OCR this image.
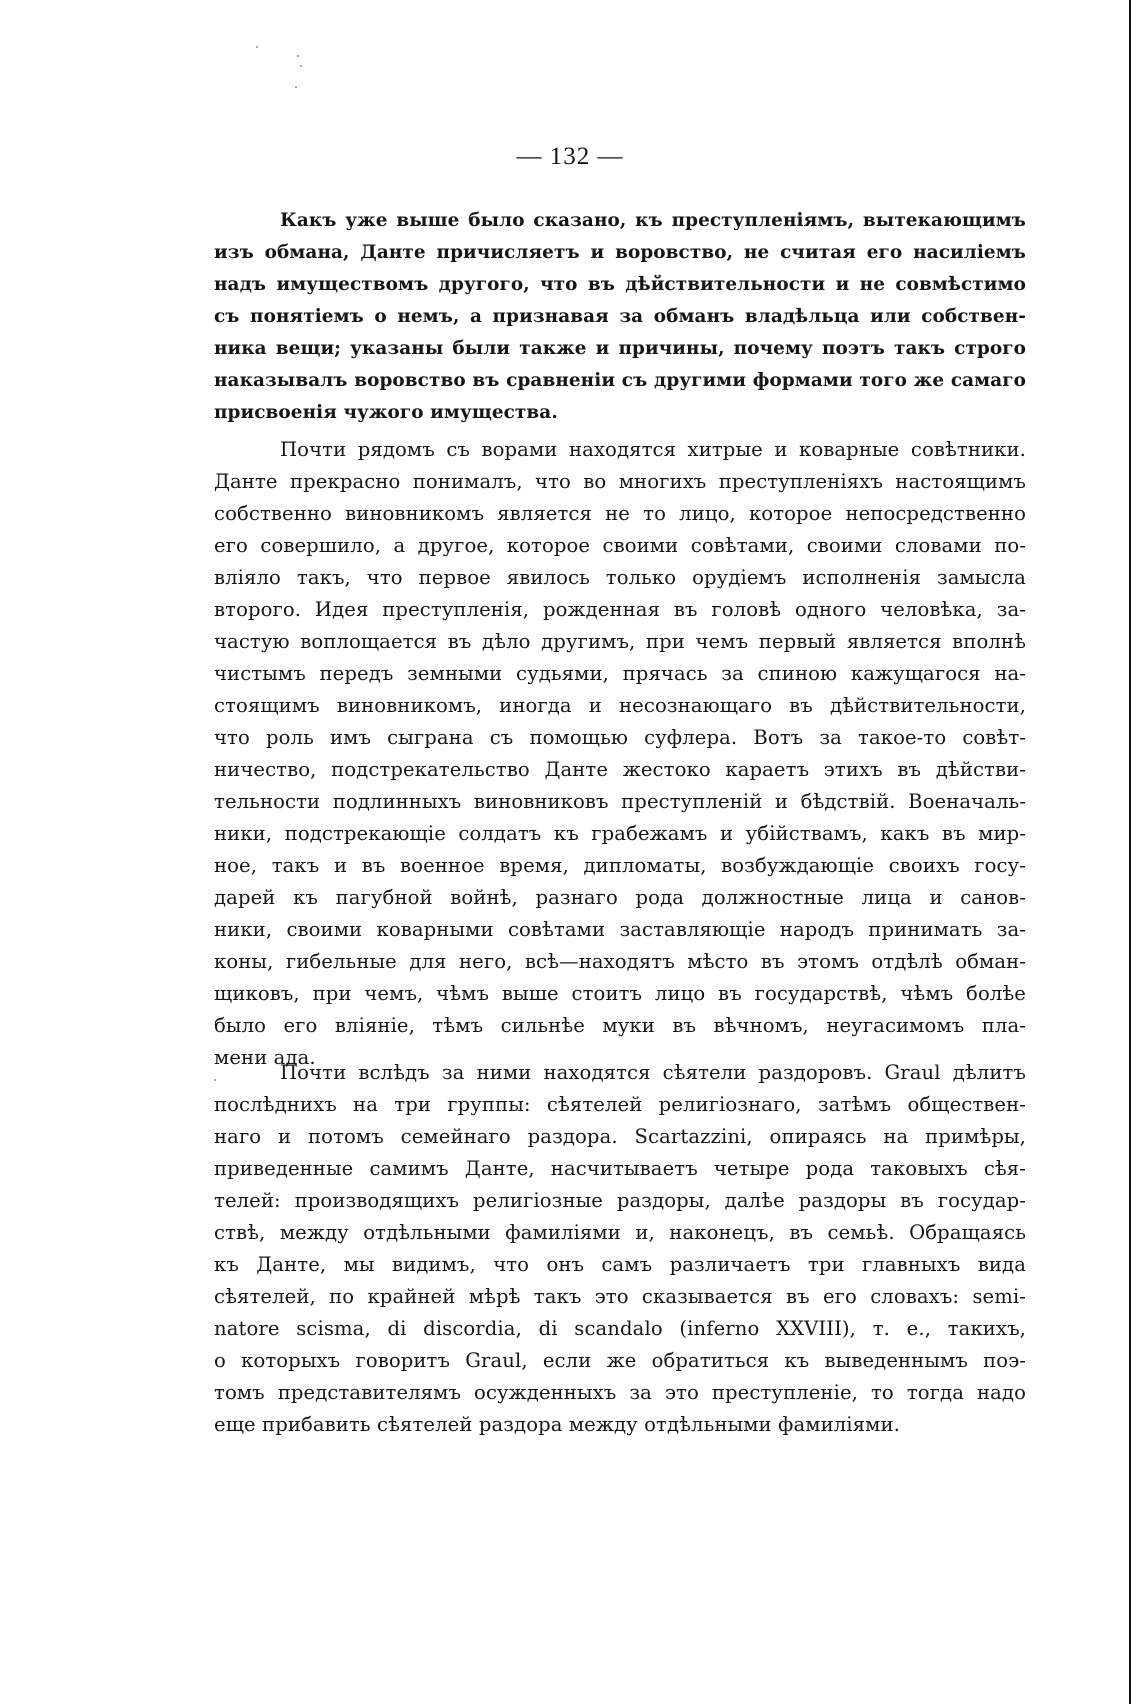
— 132 —
Какъ уже выше было сказано, къ преступленіямъ, вытекающимъ
изъ обмана, Данте причисляетъ и воровство, не считая его насиліемъ
надъ имуществомъ другого, что въ дѣйствительности и не совмѣстимо
съ понятіемъ о немъ, а признавая за обманъ владѣльца или собствен-
ника вещи; указаны были также и причины, почему поэтъ такъ строго
наказывалъ воровство въ сравненіи съ другими формами того же самаго
присвоенія чужого имущества.
Почти рядомъ съ ворами находятся хитрые и коварные совѣтники.
Данте прекрасно понималъ, что во многихъ преступленіяхъ настоящимъ
собственно виновникомъ является не то лицо, которое непосредственно
его совершило, а другое, которое своими совѣтами, своими словами по-
вліяло такъ, что первое явилось только орудіемъ исполненія замысла
второго. Идея преступленія, рожденная въ головѣ одного человѣка, за-
частую воплощается въ дѣло другимъ, при чемъ первый является вполнѣ
чистымъ передъ земными судьями, прячась за спиною кажущагося на-
стоящимъ виновникомъ, иногда и несознающаго въ дѣйствительности,
что роль имъ сыграна съ помощью суфлера. Вотъ за такое-то совѣт-
ничество, подстрекательство Данте жестоко караетъ этихъ въ дѣйстви-
тельности подлинныхъ виновниковъ преступленій и бѣдствій. Военачаль-
ники, подстрекающіе солдатъ къ грабежамъ и убійствамъ, какъ въ мир-
ное, такъ и въ военное время, дипломаты, возбуждающіе своихъ госу-
дарей къ пагубной войнѣ, разнаго рода должностные лица и санов-
ники, своими коварными совѣтами заставляющіе народъ принимать за-
коны, гибельные для него, всѣ—находятъ мѣсто въ этомъ отдѣлѣ обман-
щиковъ, при чемъ, чѣмъ выше стоитъ лицо въ государствѣ, чѣмъ болѣе
было его вліяніе, тѣмъ сильнѣе муки въ вѣчномъ, неугасимомъ пла-
мени ада.
Почти вслѣдъ за ними находятся сѣятели раздоровъ. Graul дѣлитъ
послѣднихъ на три группы: сѣятелей религіознаго, затѣмъ обществен-
наго и потомъ семейнаго раздора. Scartazzini, опираясь на примѣры,
приведенные самимъ Данте, насчитываетъ четыре рода таковыхъ сѣя-
телей: производящихъ религіозные раздоры, далѣе раздоры въ государ-
ствѣ, между отдѣльными фамиліями и, наконецъ, въ семьѣ. Обращаясь
къ Данте, мы видимъ, что онъ самъ различаетъ три главныхъ вида
сѣятелей, по крайней мѣрѣ такъ это сказывается въ его словахъ: semi-
natore scisma, di discordia, di scandalo (inferno XXVIII), т. е., такихъ,
о которыхъ говоритъ Graul, если же обратиться къ выведеннымъ поэ-
томъ представителямъ осужденныхъ за это преступленіе, то тогда надо
еще прибавить сѣятелей раздора между отдѣльными фамиліями.
